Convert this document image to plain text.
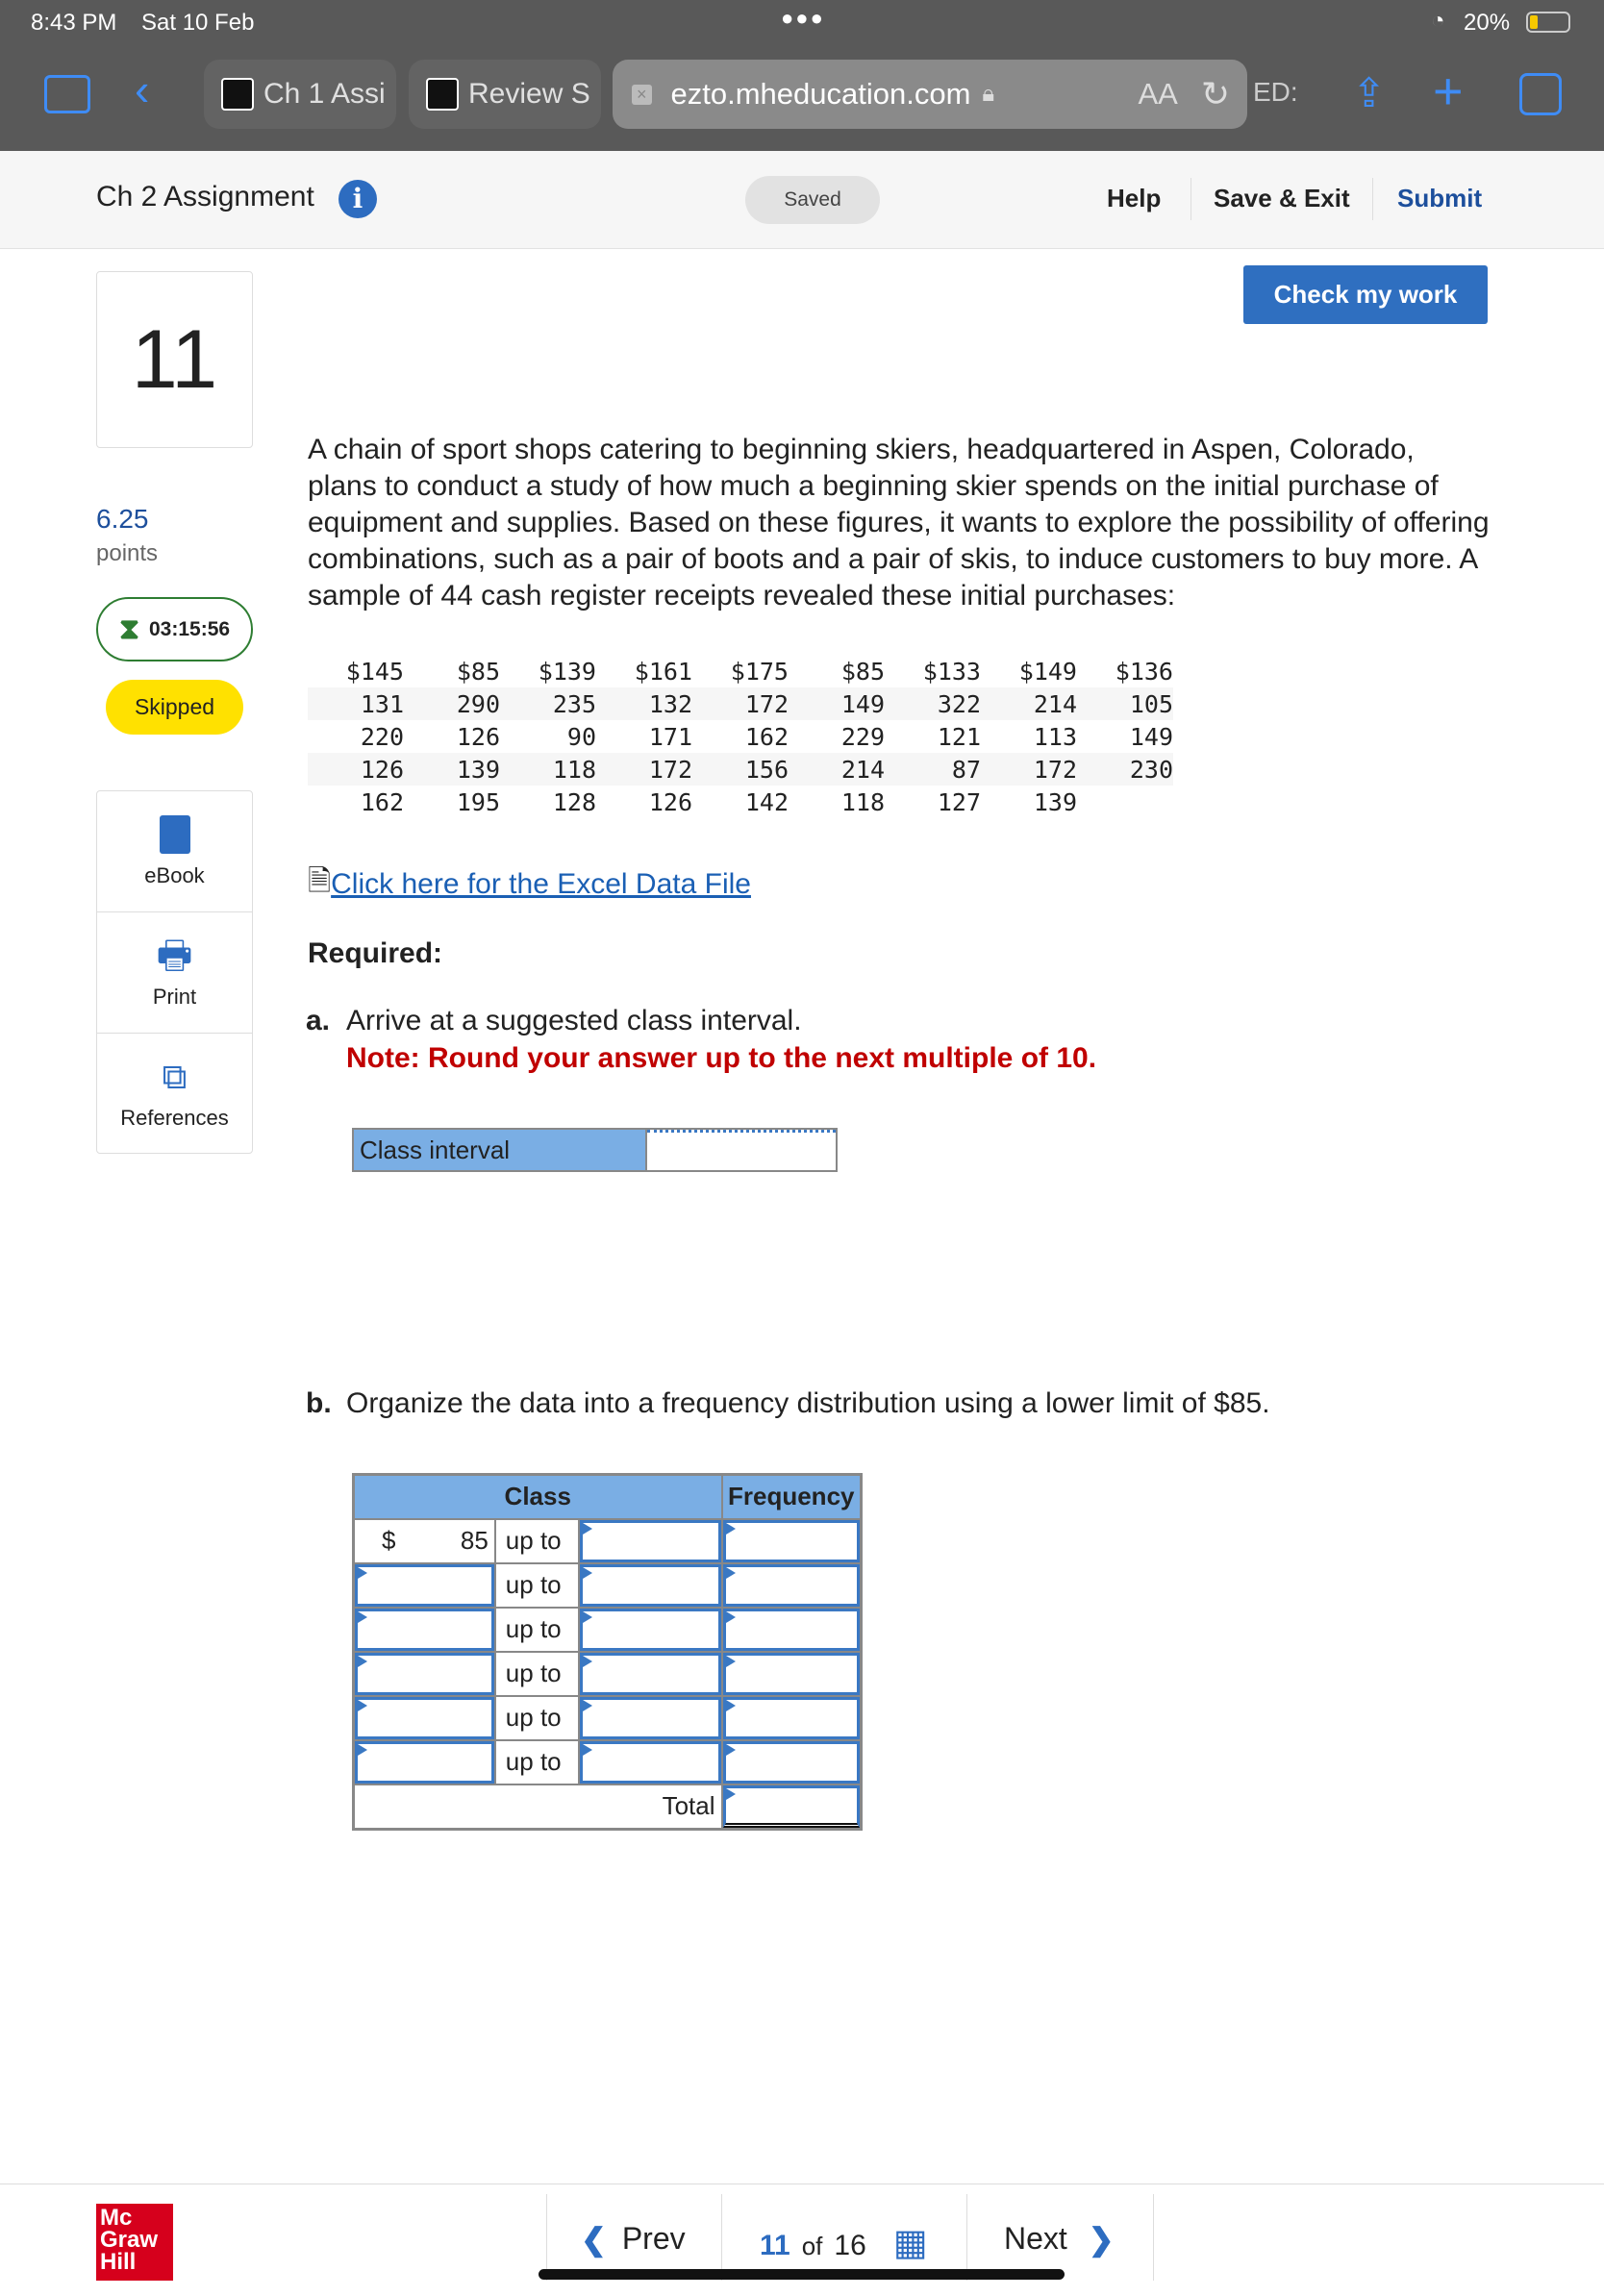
8:43 PM Sat 10 Feb	●●●	◔ 20%
‹	Ch 1 Assi	Review S	× ezto.mheducation.com 🔒︎	AA ↻ ED: ⇪ +
Ch 2 Assignment	i	Saved	Help Save & Exit Submit
Check my work
11
6.25
points
⧗ 03:15:56
Skipped
eBook
🖶︎
Print
⧉
References

A chain of sport shops catering to beginning skiers, headquartered in Aspen, Colorado, plans to conduct a study of how much a beginning skier spends on the initial purchase of equipment and supplies. Based on these figures, it wants to explore the possibility of offering combinations, such as a pair of boots and a pair of skis, to induce customers to buy more. A sample of 44 cash register receipts revealed these initial purchases:

$145	$85	$139	$161	$175	$85	$133	$149	$136
131	290	235	132	172	149	322	214	105
220	126	90	171	162	229	121	113	149
126	139	118	172	156	214	87	172	230
162	195	128	126	142	118	127	139	
🗎 Click here for the Excel Data File
Required:
a. Arrive at a suggested class interval.
Note: Round your answer up to the next multiple of 10.
Class interval
b. Organize the data into a frequency distribution using a lower limit of $85.
Class			Frequency

$ 85	up to	

	up to	

	up to	

	up to	

	up to	

	up to	

Total			
Mc
Graw
Hill
❮ Prev	11 of 16 ▦ Next ❯
